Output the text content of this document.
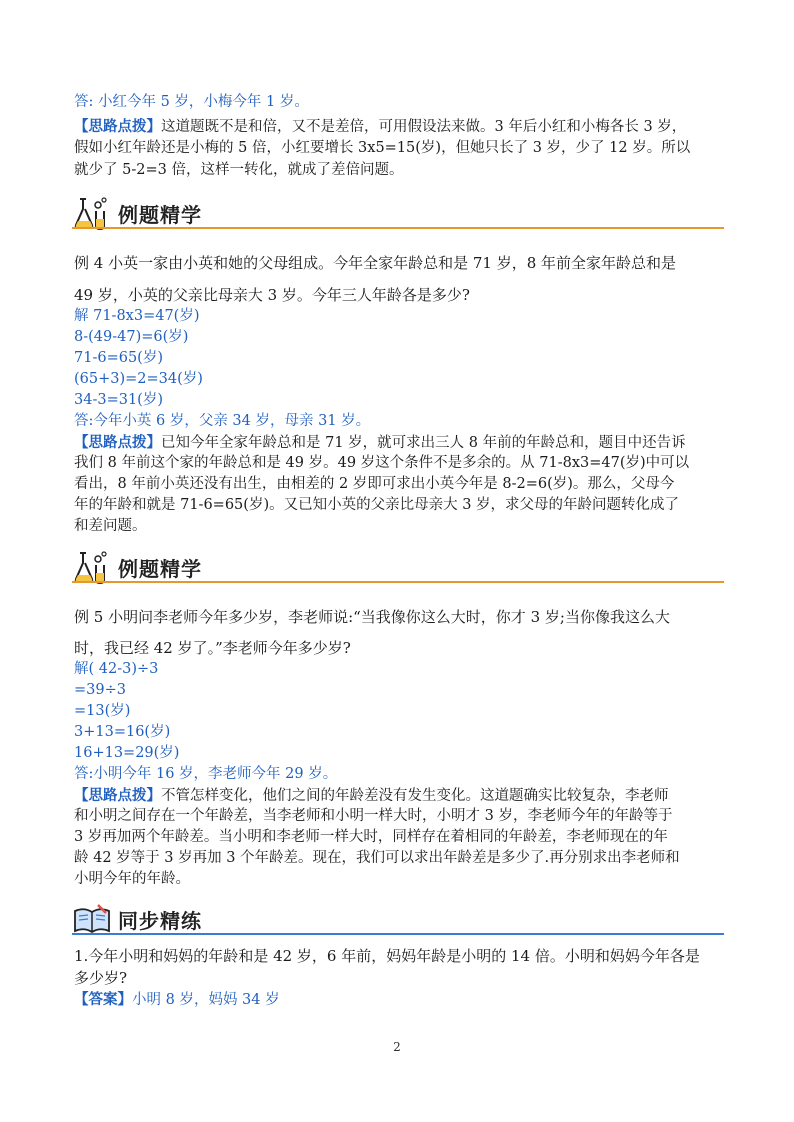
答: 小红今年 5 岁，小梅今年 1 岁。
【思路点拨】这道题既不是和倍，又不是差倍，可用假设法来做。3 年后小红和小梅各长 3 岁，
假如小红年龄还是小梅的 5 倍，小红要增长 3x5=15(岁)，但她只长了 3 岁，少了 12 岁。所以
就少了 5-2=3 倍，这样一转化，就成了差倍问题。
例题精学
例 4 小英一家由小英和她的父母组成。今年全家年龄总和是 71 岁，8 年前全家年龄总和是
49 岁，小英的父亲比母亲大 3 岁。今年三人年龄各是多少?
解 71-8x3=47(岁)
8-(49-47)=6(岁)
71-6=65(岁)
(65+3)=2=34(岁)
34-3=31(岁)
答:今年小英 6 岁，父亲 34 岁，母亲 31 岁。
【思路点拨】已知今年全家年龄总和是 71 岁，就可求出三人 8 年前的年龄总和，题目中还告诉
我们 8 年前这个家的年龄总和是 49 岁。49 岁这个条件不是多余的。从 71-8x3=47(岁)中可以
看出，8 年前小英还没有出生，由相差的 2 岁即可求出小英今年是 8-2=6(岁)。那么，父母今
年的年龄和就是 71-6=65(岁)。又已知小英的父亲比母亲大 3 岁，求父母的年龄问题转化成了
和差问题。
例题精学
例 5 小明问李老师今年多少岁，李老师说:“当我像你这么大时，你才 3 岁;当你像我这么大
时，我已经 42 岁了。”李老师今年多少岁?
解( 42-3)÷3
=39÷3
=13(岁)
3+13=16(岁)
16+13=29(岁)
答:小明今年 16 岁，李老师今年 29 岁。
【思路点拨】不管怎样变化，他们之间的年龄差没有发生变化。这道题确实比较复杂，李老师
和小明之间存在一个年龄差，当李老师和小明一样大时，小明才 3 岁，李老师今年的年龄等于
3 岁再加两个年龄差。当小明和李老师一样大时，同样存在着相同的年龄差，李老师现在的年
龄 42 岁等于 3 岁再加 3 个年龄差。现在，我们可以求出年龄差是多少了.再分别求出李老师和
小明今年的年龄。
同步精练
1.今年小明和妈妈的年龄和是 42 岁，6 年前，妈妈年龄是小明的 14 倍。小明和妈妈今年各是
多少岁?
【答案】小明 8 岁，妈妈 34 岁
2
